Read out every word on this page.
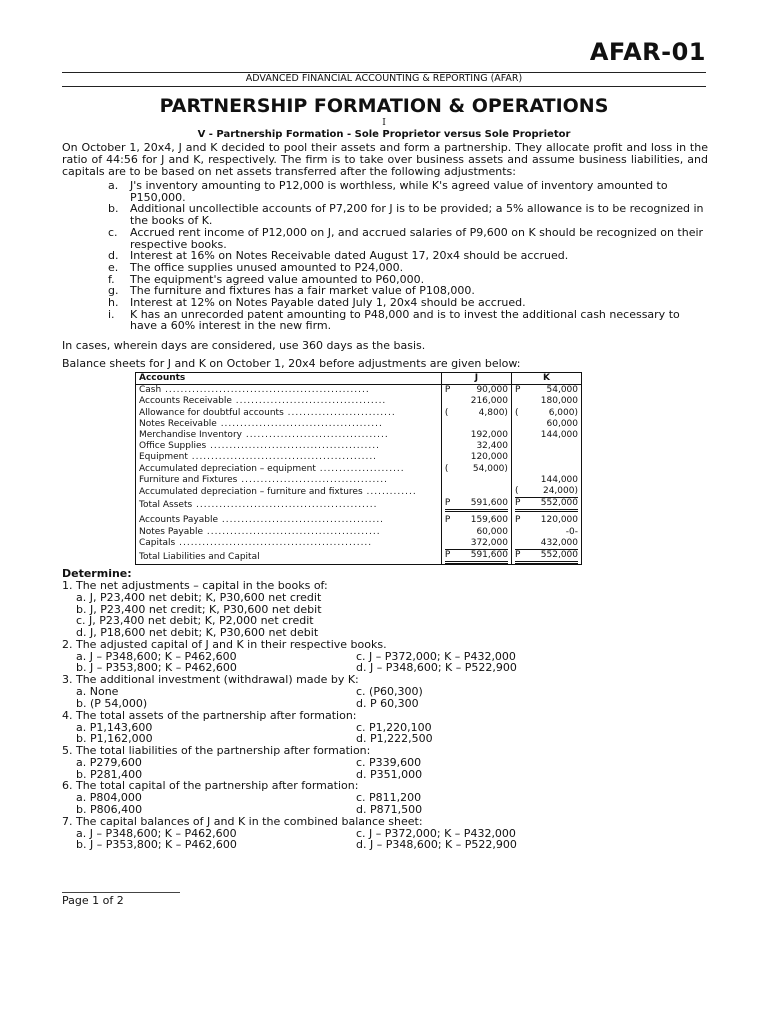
AFAR-01
ADVANCED FINANCIAL ACCOUNTING & REPORTING (AFAR)
PARTNERSHIP FORMATION & OPERATIONS
I
V - Partnership Formation - Sole Proprietor versus Sole Proprietor
On October 1, 20x4, J and K decided to pool their assets and form a partnership. They allocate profit and loss in the ratio of 44:56 for J and K, respectively. The firm is to take over business assets and assume business liabilities, and capitals are to be based on net assets transferred after the following adjustments:
a. J's inventory amounting to P12,000 is worthless, while K's agreed value of inventory amounted to P150,000.
b. Additional uncollectible accounts of P7,200 for J is to be provided; a 5% allowance is to be recognized in the books of K.
c. Accrued rent income of P12,000 on J, and accrued salaries of P9,600 on K should be recognized on their respective books.
d. Interest at 16% on Notes Receivable dated August 17, 20x4 should be accrued.
e. The office supplies unused amounted to P24,000.
f. The equipment's agreed value amounted to P60,000.
g. The furniture and fixtures has a fair market value of P108,000.
h. Interest at 12% on Notes Payable dated July 1, 20x4 should be accrued.
i. K has an unrecorded patent amounting to P48,000 and is to invest the additional cash necessary to have a 60% interest in the new firm.
In cases, wherein days are considered, use 360 days as the basis.
Balance sheets for J and K on October 1, 20x4 before adjustments are given below:
Accounts	J	K
Cash .....................................................	P 90,000	P 54,000

Accounts Receivable .......................................	216,000	180,000

Allowance for doubtful accounts ............................	( 4,800)	( 6,000)

Notes Receivable ..........................................		60,000

Merchandise Inventory .....................................	192,000	144,000

Office Supplies ............................................	32,400	

Equipment ................................................	120,000	

Accumulated depreciation – equipment ......................	( 54,000)	

Furniture and Fixtures ......................................		144,000

Accumulated depreciation – furniture and fixtures .............		( 24,000)

Total Assets ...............................................	P 591,600	P 552,000

Accounts Payable ..........................................	P 159,600	P 120,000

Notes Payable .............................................	60,000	-0-

Capitals ..................................................	372,000	432,000

Total Liabilities and Capital	P 591,600	P 552,000
Determine:
1. The net adjustments – capital in the books of:
a. J, P23,400 net debit; K, P30,600 net credit
b. J, P23,400 net credit; K, P30,600 net debit
c. J, P23,400 net debit; K, P2,000 net credit
d. J, P18,600 net debit; K, P30,600 net debit
2. The adjusted capital of J and K in their respective books.
a. J – P348,600; K – P462,600	c. J – P372,000; K – P432,000
b. J – P353,800; K – P462,600	d. J – P348,600; K – P522,900
3. The additional investment (withdrawal) made by K:
a. None	c. (P60,300)
b. (P 54,000)	d. P 60,300
4. The total assets of the partnership after formation:
a. P1,143,600	c. P1,220,100
b. P1,162,000	d. P1,222,500
5. The total liabilities of the partnership after formation:
a. P279,600	c. P339,600
b. P281,400	d. P351,000
6. The total capital of the partnership after formation:
a. P804,000	c. P811,200
b. P806,400	d. P871,500
7. The capital balances of J and K in the combined balance sheet:
a. J – P348,600; K – P462,600	c. J – P372,000; K – P432,000
b. J – P353,800; K – P462,600	d. J – P348,600; K – P522,900
Page 1 of 2
